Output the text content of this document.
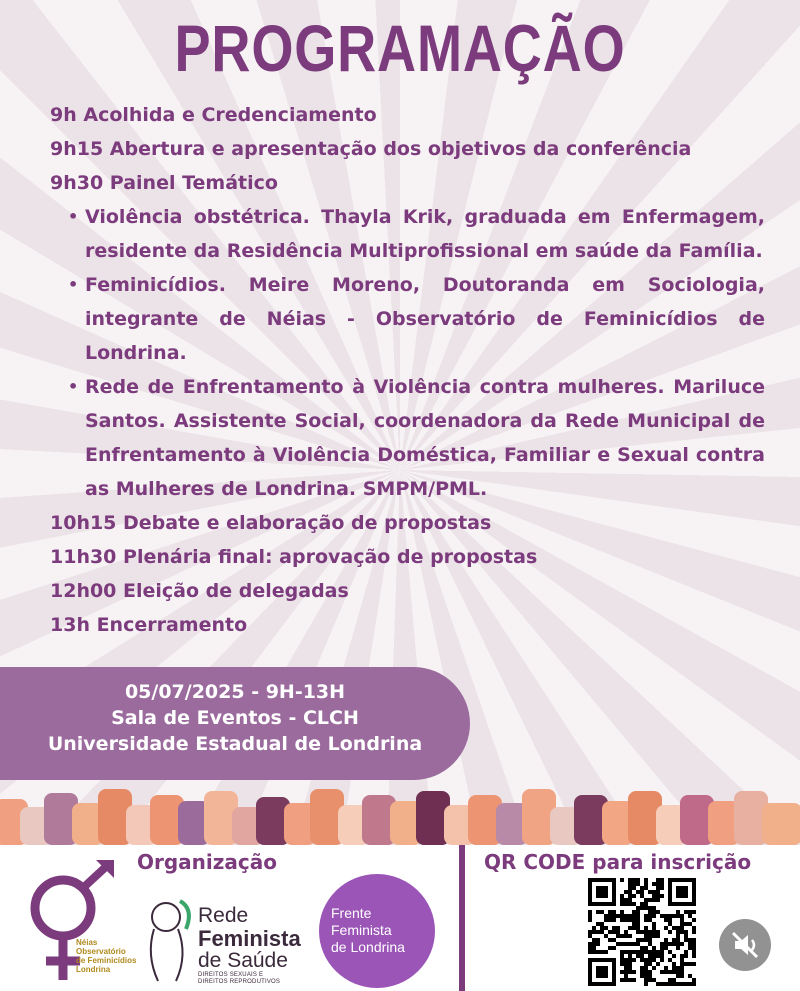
PROGRAMAÇÃO
9h Acolhida e Credenciamento
9h15 Abertura e apresentação dos objetivos da conferência
9h30 Painel Temático
• Violência obstétrica. Thayla Krik, graduada em Enfermagem,
residente da Residência Multiprofissional em saúde da Família.
• Feminicídios. Meire Moreno, Doutoranda em Sociologia,
integrante de Néias - Observatório de Feminicídios de
Londrina.
• Rede de Enfrentamento à Violência contra mulheres. Mariluce
Santos. Assistente Social, coordenadora da Rede Municipal de
Enfrentamento à Violência Doméstica, Familiar e Sexual contra
as Mulheres de Londrina. SMPM/PML.
10h15 Debate e elaboração de propostas
11h30 Plenária final: aprovação de propostas
12h00 Eleição de delegadas
13h Encerramento
05/07/2025 - 9H-13H
Sala de Eventos - CLCH
Universidade Estadual de Londrina
Organização	QR CODE para inscrição
Néias
Observatório
de Feminicídios
Londrina
Rede
Feminista
de Saúde
DIREITOS SEXUAIS E
DIREITOS REPRODUTIVOS
Frente
Feminista
de Londrina
